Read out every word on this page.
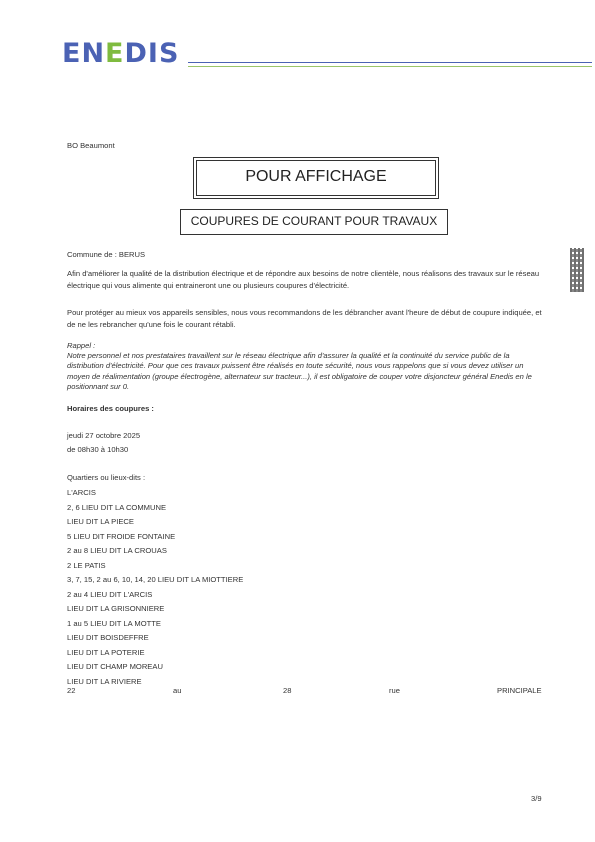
ENEDIS
BO Beaumont
POUR AFFICHAGE
COUPURES DE COURANT POUR TRAVAUX
Commune de : BERUS
Afin d'améliorer la qualité de la distribution électrique et de répondre aux besoins de notre clientèle, nous réalisons des travaux sur le réseau électrique qui vous alimente qui entraineront une ou plusieurs coupures d'électricité.
Pour protéger au mieux vos appareils sensibles, nous vous recommandons de les débrancher avant l'heure de début de coupure indiquée, et de ne les rebrancher qu'une fois le courant rétabli.
Rappel :
Notre personnel et nos prestataires travaillent sur le réseau électrique afin d'assurer la qualité et la continuité du service public de la distribution d'électricité. Pour que ces travaux puissent être réalisés en toute sécurité, nous vous rappelons que si vous devez utiliser un moyen de réalimentation (groupe électrogène, alternateur sur tracteur...), il est obligatoire de couper votre disjoncteur général Enedis en le positionnant sur 0.
Horaires des coupures :
jeudi 27 octobre 2025
de 08h30 à 10h30
Quartiers ou lieux-dits :
L'ARCIS
2, 6 LIEU DIT LA COMMUNE
LIEU DIT LA PIECE
5 LIEU DIT FROIDE FONTAINE
2 au 8 LIEU DIT LA CROUAS
2 LE PATIS
3, 7, 15, 2 au 6, 10, 14, 20 LIEU DIT LA MIOTTIERE
2 au 4 LIEU DIT L'ARCIS
LIEU DIT LA GRISONNIERE
1 au 5 LIEU DIT LA MOTTE
LIEU DIT BOISDEFFRE
LIEU DIT LA POTERIE
LIEU DIT CHAMP MOREAU
LIEU DIT LA RIVIERE
22	au	28	rue	PRINCIPALE
3/9
